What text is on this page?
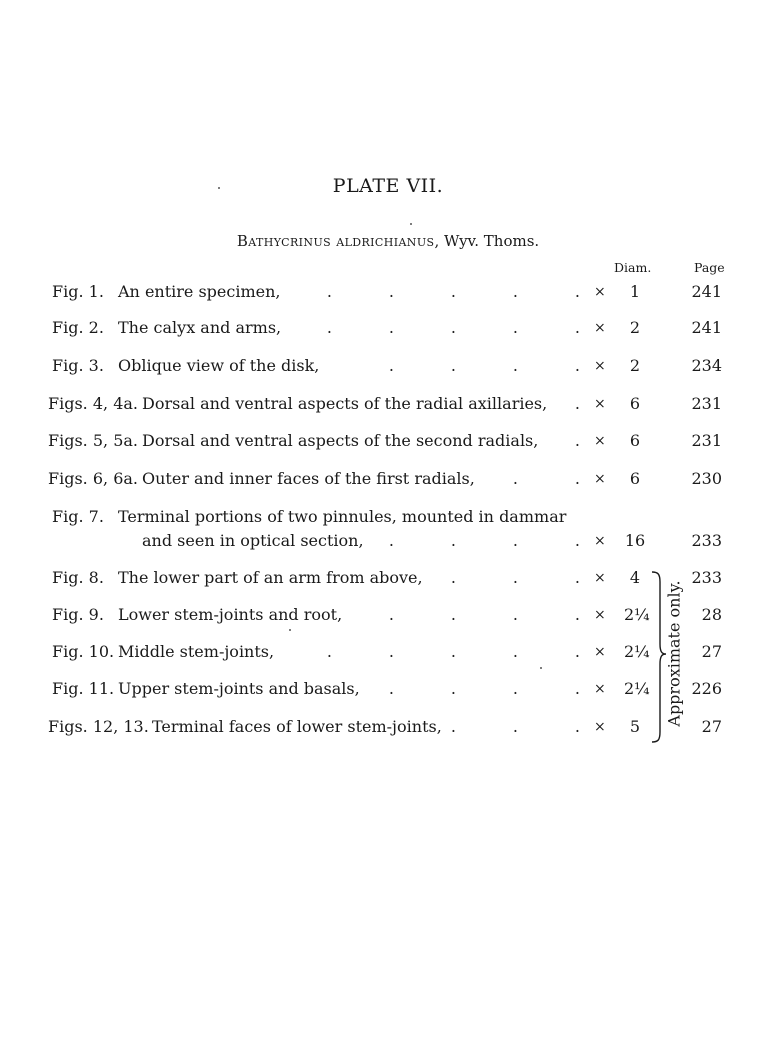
PLATE VII.
Bathycrinus aldrichianus, Wyv. Thoms.
Diam.	Page
Fig. 1. An entire specimen,	.	.	.	.	. ×	1	241
Fig. 2. The calyx and arms,	.	.	.	.	. ×	2	241
Fig. 3. Oblique view of the disk,	.	.	.	. ×	2	234
Figs. 4, 4a. Dorsal and ventral aspects of the radial axillaries,	. ×	6	231
Figs. 5, 5a. Dorsal and ventral aspects of the second radials,	. ×	6	231
Figs. 6, 6a. Outer and inner faces of the first radials,	.	. ×	6	230
Fig. 7. Terminal portions of two pinnules, mounted in dammar
and seen in optical section,	.	.	.	. × 16	233
Fig. 8. The lower part of an arm from above,	.	.	. ×	4	233
Fig. 9. Lower stem-joints and root,	.	.	.	. × 2¼	28
Fig. 10. Middle stem-joints,	.	.	.	.	. × 2¼	27
Fig. 11. Upper stem-joints and basals,	.	.	.	. × 2¼	226
Figs. 12, 13. Terminal faces of lower stem-joints, .	.	. ×	5	27
Approximate only.
